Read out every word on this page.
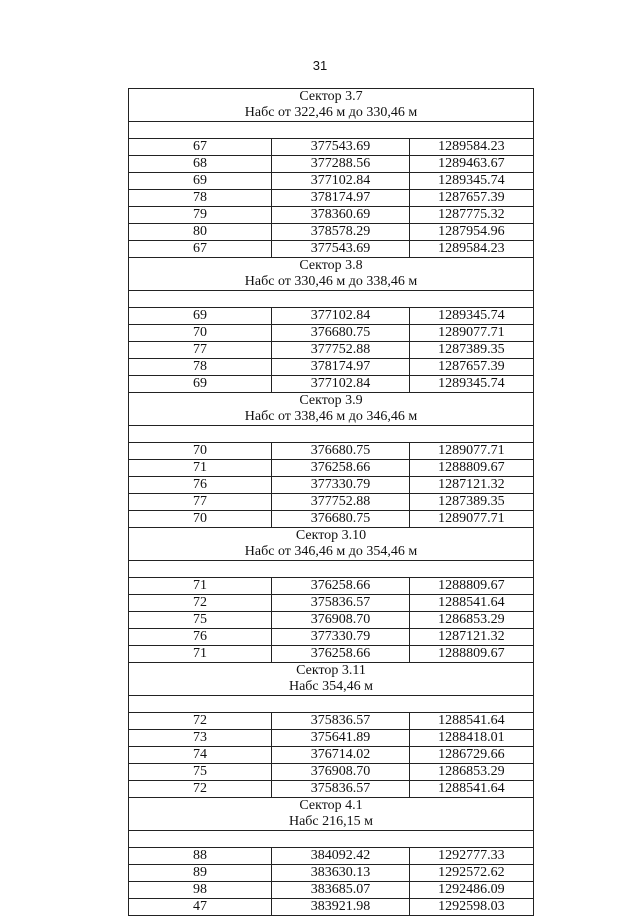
31
Сектор 3.7
Набс от 322,46 м до 330,46 м		

67	377543.69	1289584.23
68	377288.56	1289463.67
69	377102.84	1289345.74
78	378174.97	1287657.39
79	378360.69	1287775.32
80	378578.29	1287954.96
67	377543.69	1289584.23

Сектор 3.8
Набс от 330,46 м до 338,46 м		

69	377102.84	1289345.74
70	376680.75	1289077.71
77	377752.88	1287389.35
78	378174.97	1287657.39
69	377102.84	1289345.74

Сектор 3.9
Набс от 338,46 м до 346,46 м		

70	376680.75	1289077.71
71	376258.66	1288809.67
76	377330.79	1287121.32
77	377752.88	1287389.35
70	376680.75	1289077.71

Сектор 3.10
Набс от 346,46 м до 354,46 м		

71	376258.66	1288809.67
72	375836.57	1288541.64
75	376908.70	1286853.29
76	377330.79	1287121.32
71	376258.66	1288809.67

Сектор 3.11
Набс 354,46 м		

72	375836.57	1288541.64
73	375641.89	1288418.01
74	376714.02	1286729.66
75	376908.70	1286853.29
72	375836.57	1288541.64

Сектор 4.1
Набс 216,15 м		

88	384092.42	1292777.33
89	383630.13	1292572.62
98	383685.07	1292486.09
47	383921.98	1292598.03
